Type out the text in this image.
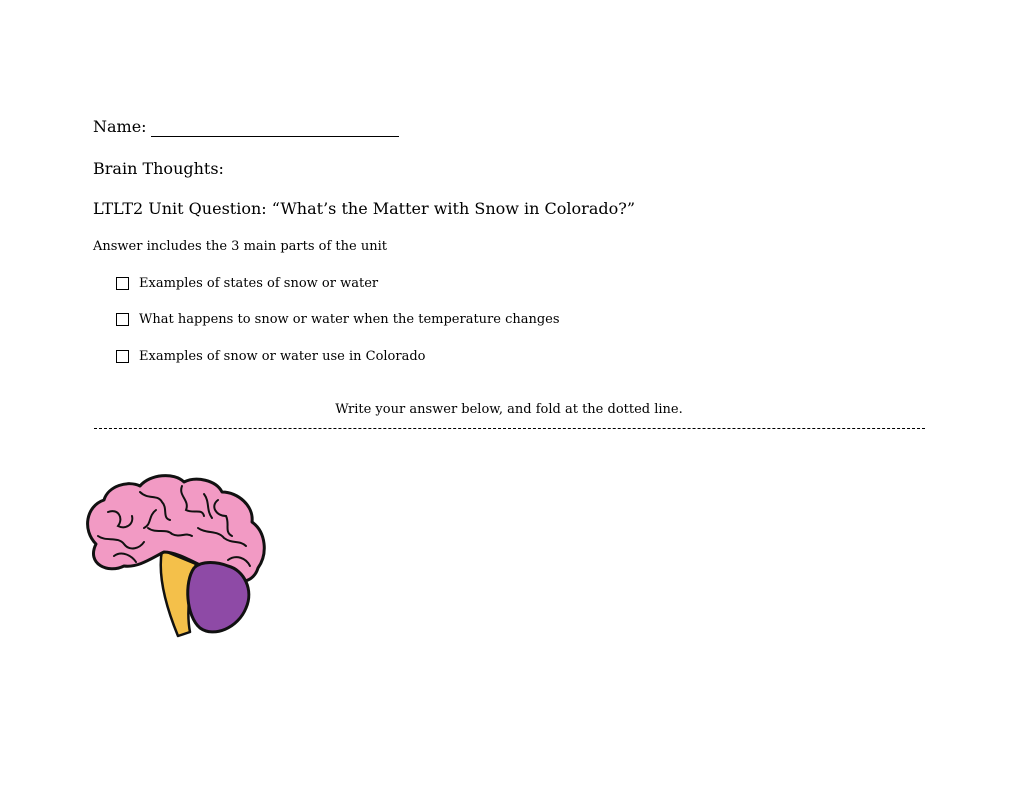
Name:
Brain Thoughts:
LTLT2 Unit Question: “What’s the Matter with Snow in Colorado?”
Answer includes the 3 main parts of the unit
Examples of states of snow or water
What happens to snow or water when the temperature changes
Examples of snow or water use in Colorado
Write your answer below, and fold at the dotted line.
